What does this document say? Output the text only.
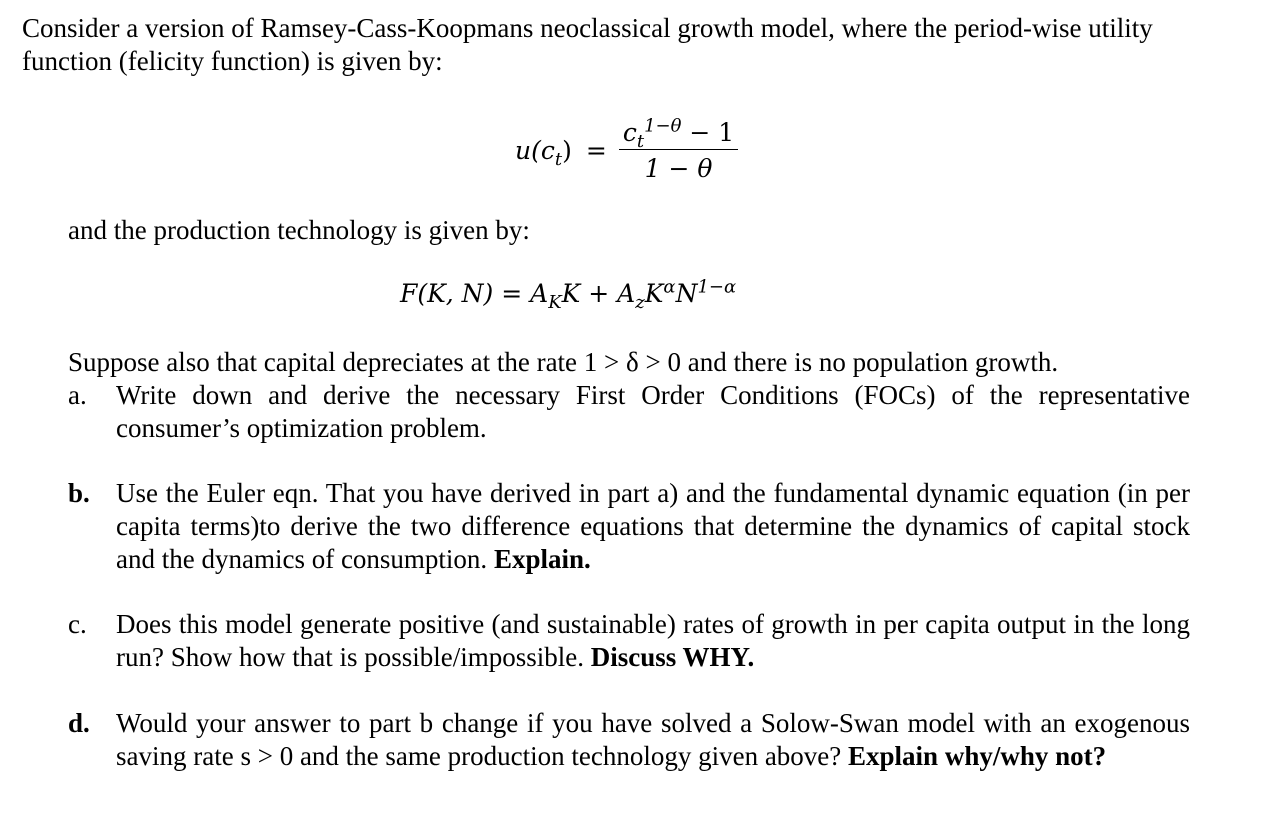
Consider a version of Ramsey-Cass-Koopmans neoclassical growth model, where the period-wise utility function (felicity function) is given by:

$u(c_t) = \frac{c_t^{1-\theta} - 1}{1 - \theta}$

and the production technology is given by:

F(K, $N) = A_KK + A_zK^\alpha N^{1-\alpha}$

Suppose also that capital depreciates at the rate 1 > δ > 0 and there is no population growth.

a.	Write down and derive the necessary First Order Conditions (FOCs) of the representative consumer’s optimization problem.
b. Use the Euler eqn. That you have derived in part a) and the fundamental dynamic equation (in per capita terms)to derive the two difference equations that determine the dynamics of capital stock and the dynamics of consumption. Explain.
c.	Does this model generate positive (and sustainable) rates of growth in per capita output in the long run? Show how that is possible/impossible. Discuss WHY.
d. Would your answer to part b change if you have solved a Solow-Swan model with an exogenous saving rate s > 0 and the same production technology given above? Explain why/why not?
